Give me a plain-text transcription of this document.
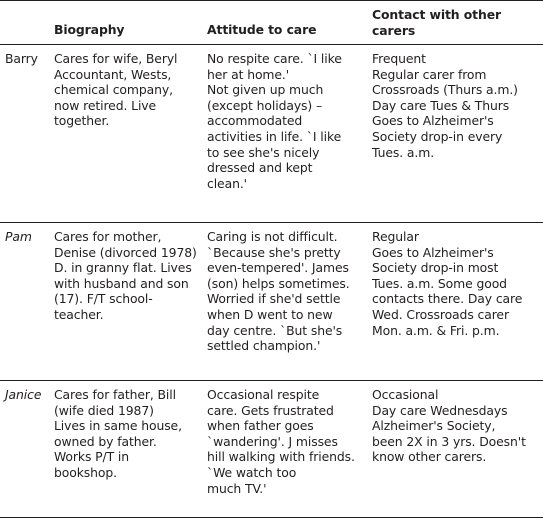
Biography	Attitude to care
Contact with other
carers
Barry Cares for wife, Beryl
Accountant, Wests,
chemical company,
now retired. Live
together.
No respite care. `I like
her at home.'
Not given up much
(except holidays) –
accommodated
activities in life. `I like
to see she's nicely
dressed and kept
clean.'
Frequent
Regular carer from
Crossroads (Thurs a.m.)
Day care Tues & Thurs
Goes to Alzheimer's
Society drop-in every
Tues. a.m.
Pam Cares for mother,
Denise (divorced 1978)
D. in granny flat. Lives
with husband and son
(17). F/T school-
teacher.
Caring is not difficult.
`Because she's pretty
even-tempered'. James
(son) helps sometimes.
Worried if she'd settle
when D went to new
day centre. `But she's
settled champion.'
Regular
Goes to Alzheimer's
Society drop-in most
Tues. a.m. Some good
contacts there. Day care
Wed. Crossroads carer
Mon. a.m. & Fri. p.m.
Janice Cares for father, Bill
(wife died 1987)
Lives in same house,
owned by father.
Works P/T in
bookshop.
Occasional respite
care. Gets frustrated
when father goes
`wandering'. J misses
hill walking with friends.
`We watch too
much TV.'
Occasional
Day care Wednesdays
Alzheimer's Society,
been 2X in 3 yrs. Doesn't
know other carers.
